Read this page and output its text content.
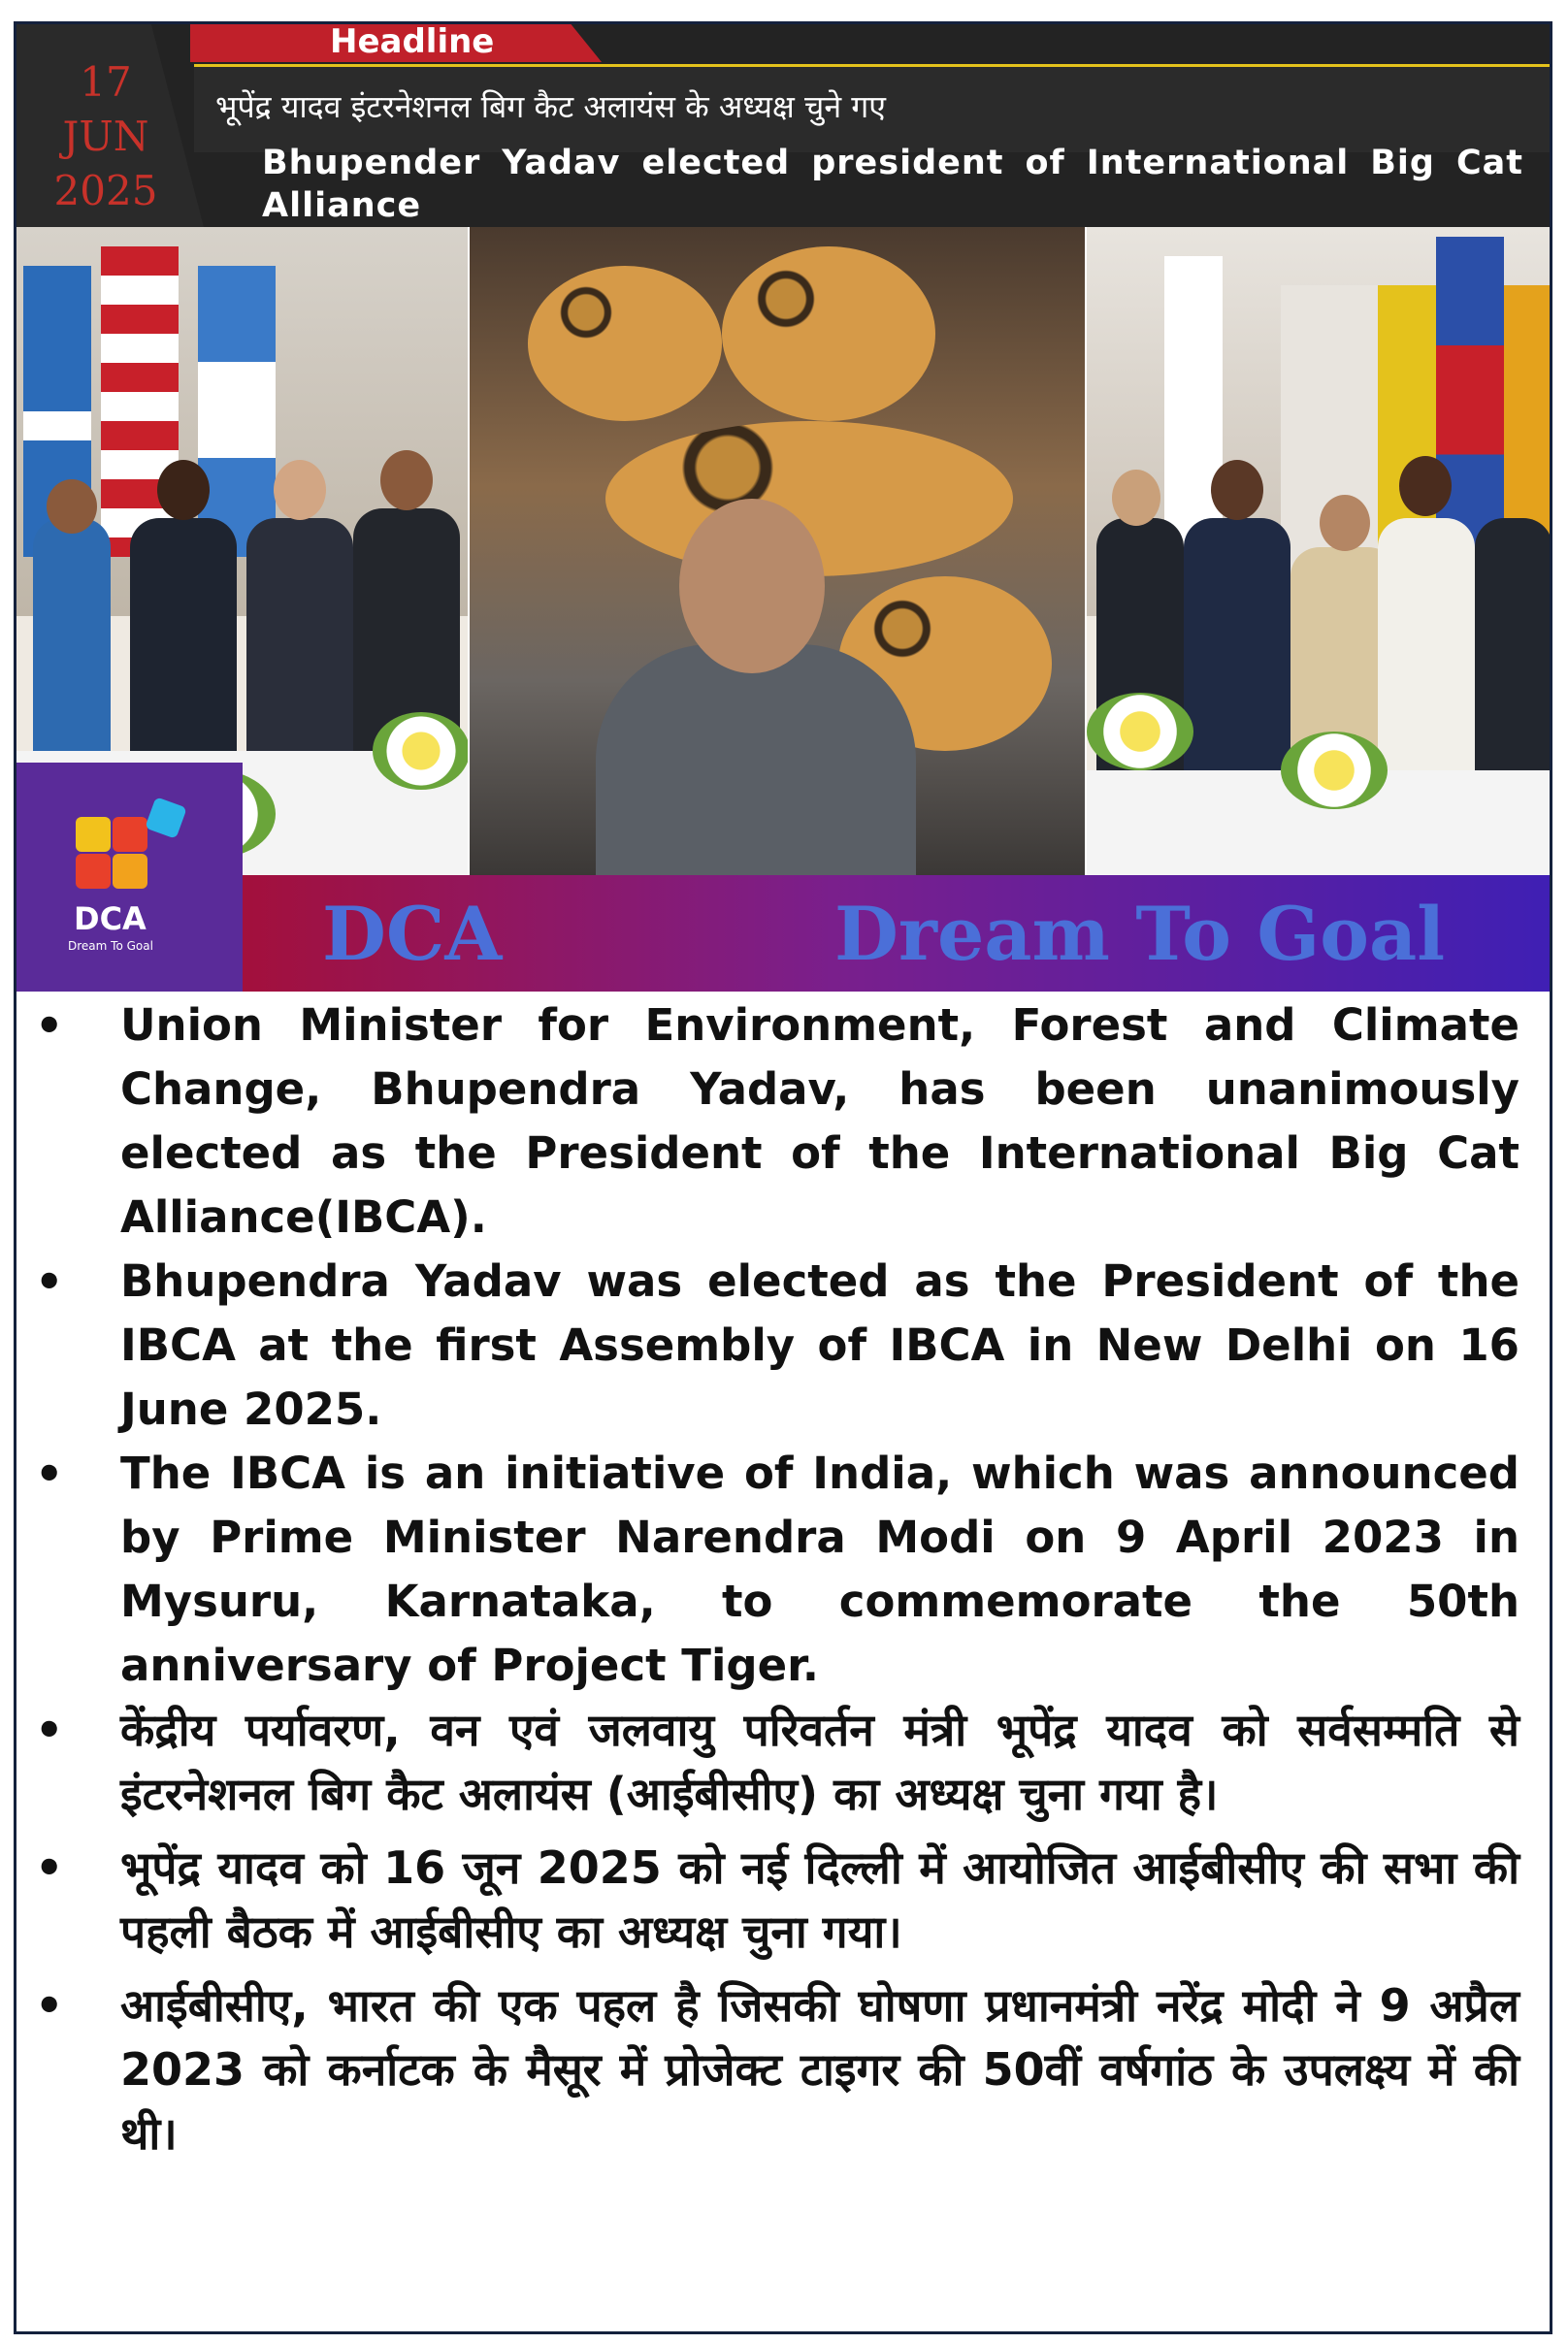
Headline
17
JUN
2025
भूपेंद्र यादव इंटरनेशनल बिग कैट अलायंस के अध्यक्ष चुने गए
Bhupender Yadav elected president of International Big Cat
Alliance
DCA
Dream To Goal DCA	Dream To Goal
• Union Minister for Environment, Forest and Climate Change, Bhupendra Yadav, has been unanimously elected as the President of the International Big Cat Alliance(IBCA).
• Bhupendra Yadav was elected as the President of the IBCA at the first Assembly of IBCA in New Delhi on 16 June 2025.
• The IBCA is an initiative of India, which was announced by Prime Minister Narendra Modi on 9 April 2023 in Mysuru, Karnataka, to commemorate the 50th anniversary of Project Tiger.
• केंद्रीय पर्यावरण, वन एवं जलवायु परिवर्तन मंत्री भूपेंद्र यादव को सर्वसम्मति से इंटरनेशनल बिग कैट अलायंस (आईबीसीए) का अध्यक्ष चुना गया है।
• भूपेंद्र यादव को 16 जून 2025 को नई दिल्ली में आयोजित आईबीसीए की सभा की पहली बैठक में आईबीसीए का अध्यक्ष चुना गया।
• आईबीसीए, भारत की एक पहल है जिसकी घोषणा प्रधानमंत्री नरेंद्र मोदी ने 9 अप्रैल 2023 को कर्नाटक के मैसूर में प्रोजेक्ट टाइगर की 50वीं वर्षगांठ के उपलक्ष्य में की थी।
